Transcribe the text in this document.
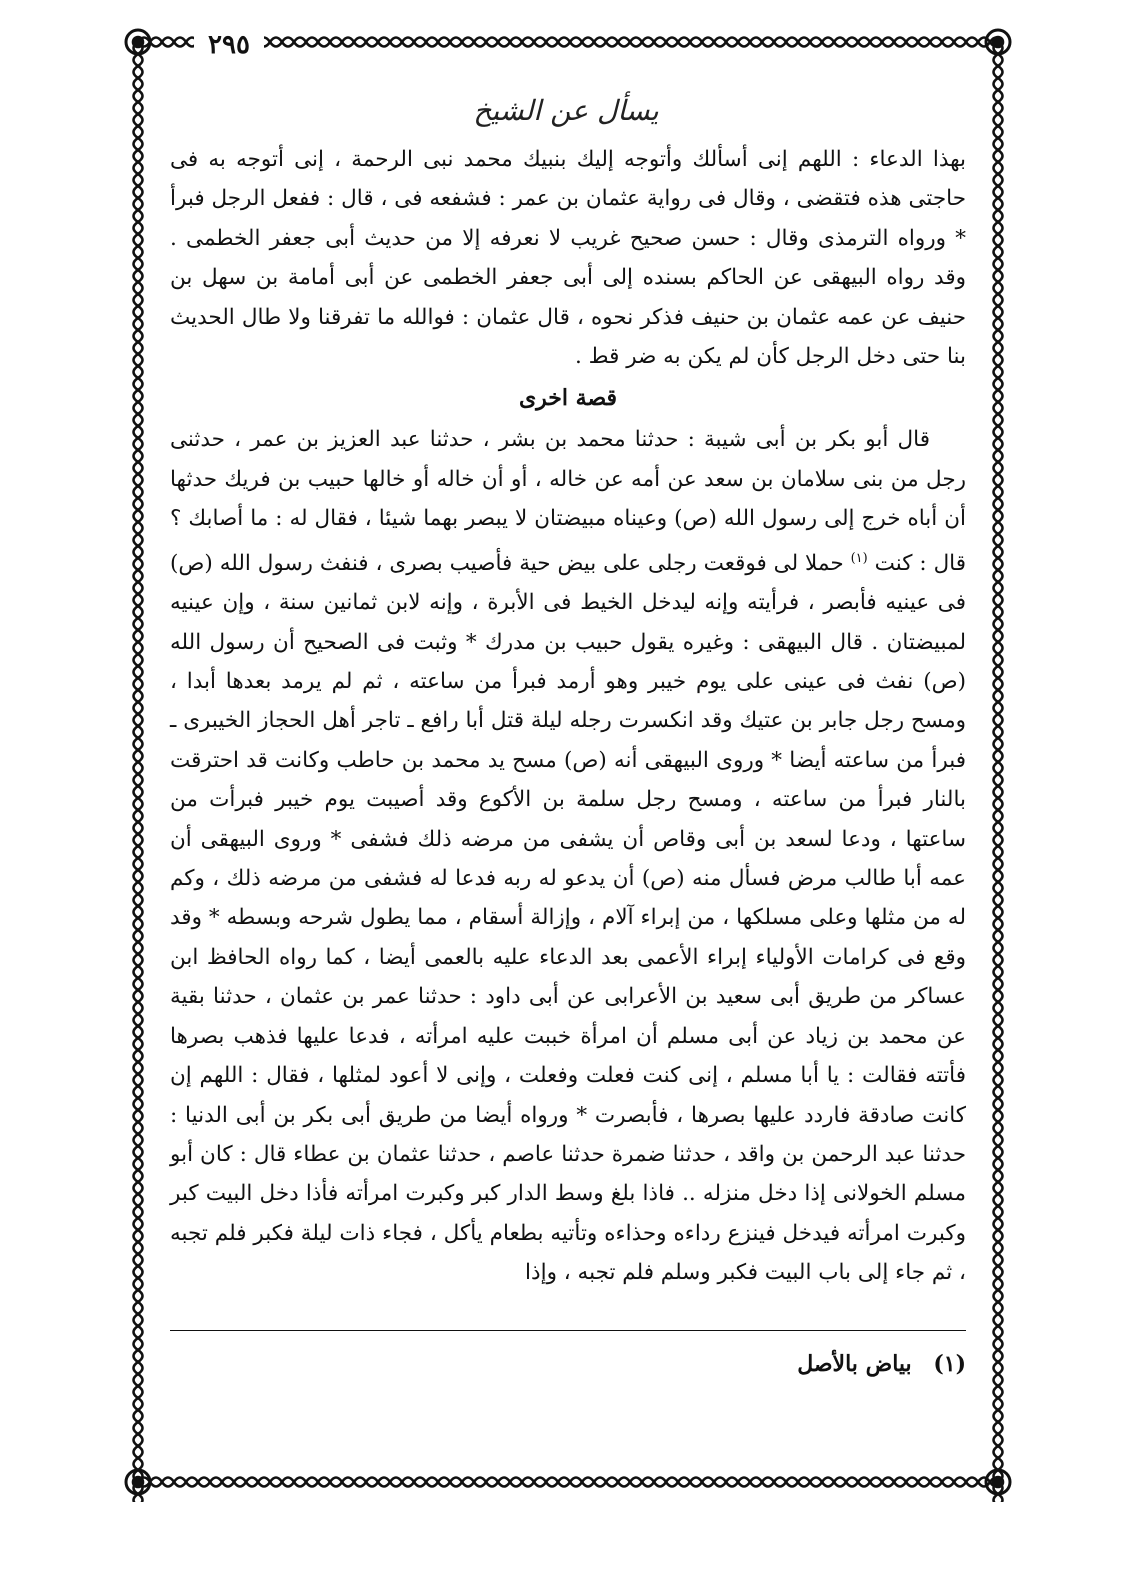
٢٩٥
يسأل عن الشيخ

بهذا الدعاء : اللهم إنى أسألك وأتوجه إليك بنبيك محمد نبى الرحمة ، إنى أتوجه به فى حاجتى هذه فتقضى ، وقال فى رواية عثمان بن عمر : فشفعه فى ، قال : ففعل الرجل فبرأ * ورواه الترمذى وقال : حسن صحيح غريب لا نعرفه إلا من حديث أبى جعفر الخطمى . وقد رواه البيهقى عن الحاكم بسنده إلى أبى جعفر الخطمى عن أبى أمامة بن سهل بن حنيف عن عمه عثمان بن حنيف فذكر نحوه ، قال عثمان : فوالله ما تفرقنا ولا طال الحديث بنا حتى دخل الرجل كأن لم يكن به ضر قط .

قصة اخرى

قال أبو بكر بن أبى شيبة : حدثنا محمد بن بشر ، حدثنا عبد العزيز بن عمر ، حدثنى رجل من بنى سلامان بن سعد عن أمه عن خاله ، أو أن خاله أو خالها حبيب بن فريك حدثها أن أباه خرج إلى رسول الله (ص) وعيناه مبيضتان لا يبصر بهما شيئا ، فقال له : ما أصابك ؟ قال : كنت $^{(١)}$ حملا لى فوقعت رجلى على بيض حية فأصيب بصرى ، فنفث رسول الله (ص) فى عينيه فأبصر ، فرأيته وإنه ليدخل الخيط فى الأبرة ، وإنه لابن ثمانين سنة ، وإن عينيه لمبيضتان . قال البيهقى : وغيره يقول حبيب بن مدرك * وثبت فى الصحيح أن رسول الله (ص) نفث فى عينى على يوم خيبر وهو أرمد فبرأ من ساعته ، ثم لم يرمد بعدها أبدا ، ومسح رجل جابر بن عتيك وقد انكسرت رجله ليلة قتل أبا رافع ـ تاجر أهل الحجاز الخيبرى ـ فبرأ من ساعته أيضا * وروى البيهقى أنه (ص) مسح يد محمد بن حاطب وكانت قد احترقت بالنار فبرأ من ساعته ، ومسح رجل سلمة بن الأكوع وقد أصيبت يوم خيبر فبرأت من ساعتها ، ودعا لسعد بن أبى وقاص أن يشفى من مرضه ذلك فشفى * وروى البيهقى أن عمه أبا طالب مرض فسأل منه (ص) أن يدعو له ربه فدعا له فشفى من مرضه ذلك ، وكم له من مثلها وعلى مسلكها ، من إبراء آلام ، وإزالة أسقام ، مما يطول شرحه وبسطه * وقد وقع فى كرامات الأولياء إبراء الأعمى بعد الدعاء عليه بالعمى أيضا ، كما رواه الحافظ ابن عساكر من طريق أبى سعيد بن الأعرابى عن أبى داود : حدثنا عمر بن عثمان ، حدثنا بقية عن محمد بن زياد عن أبى مسلم أن امرأة خببت عليه امرأته ، فدعا عليها فذهب بصرها فأتته فقالت : يا أبا مسلم ، إنى كنت فعلت وفعلت ، وإنى لا أعود لمثلها ، فقال : اللهم إن كانت صادقة فاردد عليها بصرها ، فأبصرت * ورواه أيضا من طريق أبى بكر بن أبى الدنيا : حدثنا عبد الرحمن بن واقد ، حدثنا ضمرة حدثنا عاصم ، حدثنا عثمان بن عطاء قال : كان أبو مسلم الخولانى إذا دخل منزله .. فاذا بلغ وسط الدار كبر وكبرت امرأته فأذا دخل البيت كبر وكبرت امرأته فيدخل فينزع رداءه وحذاءه وتأتيه بطعام يأكل ، فجاء ذات ليلة فكبر فلم تجبه ، ثم جاء إلى باب البيت فكبر وسلم فلم تجبه ، وإذا

(١) بياض بالأصل
